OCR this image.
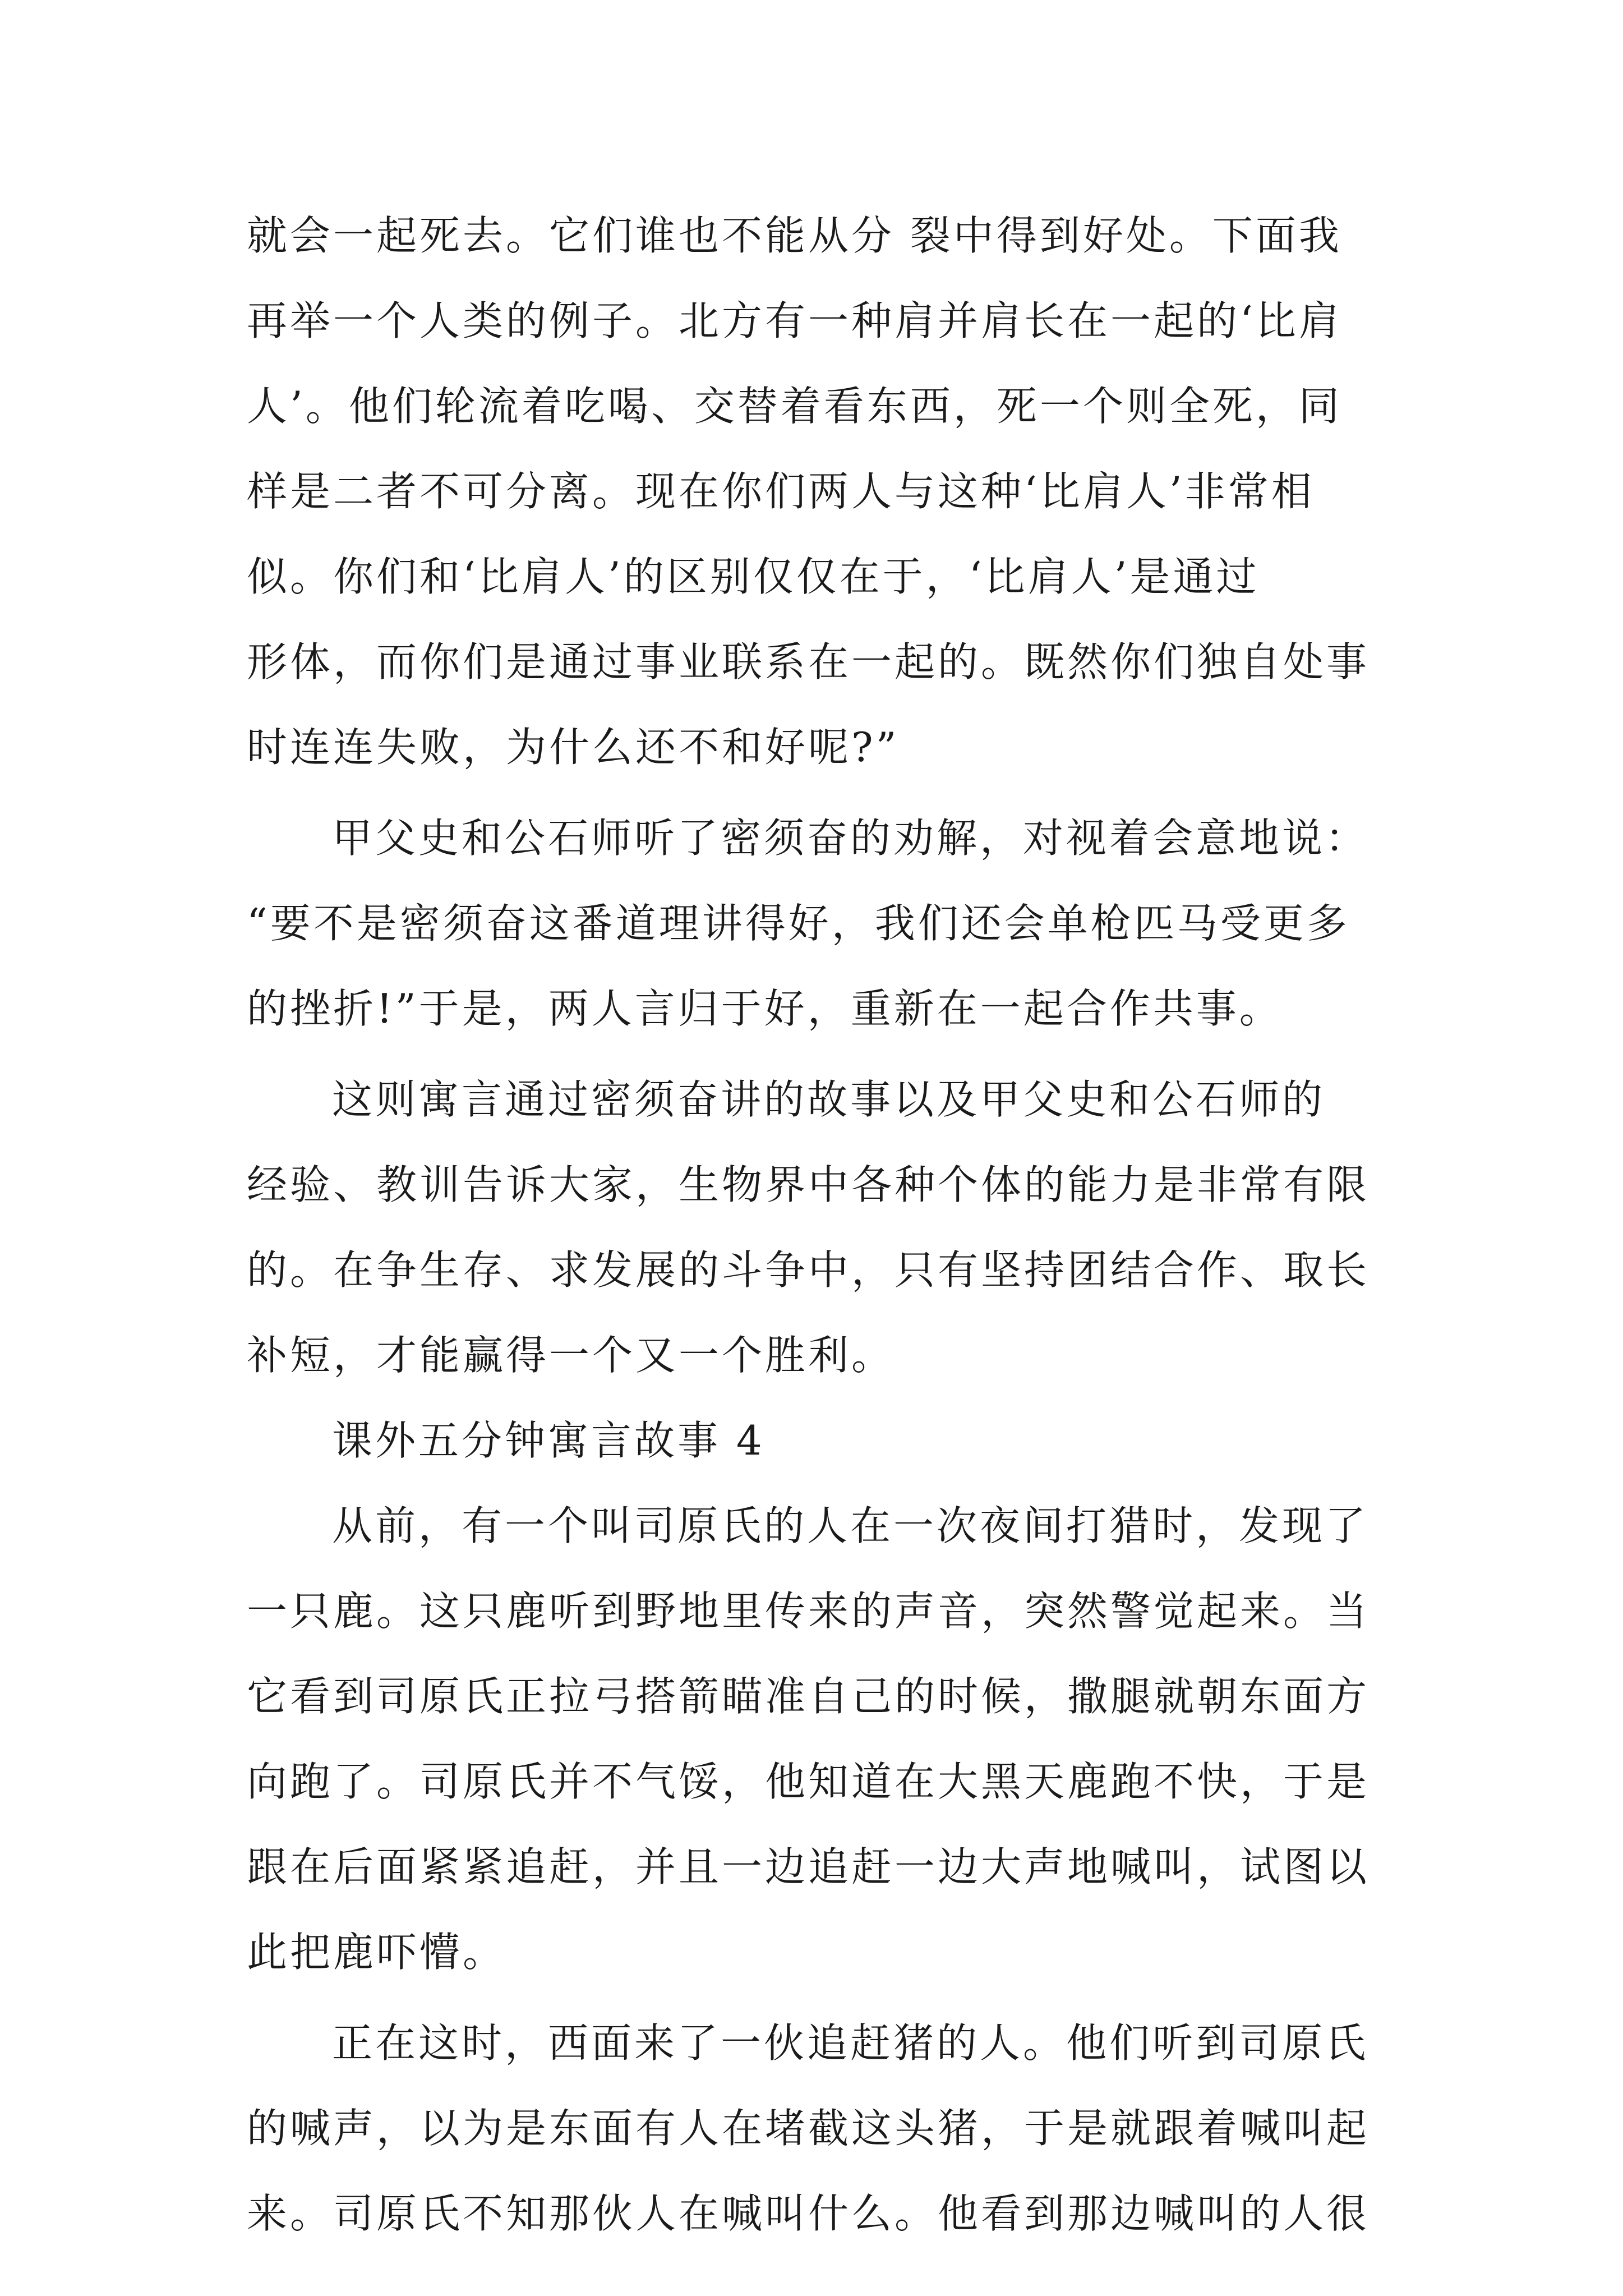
就会一起死去。它们谁也不能从分 裂中得到好处。下面我
再举一个人类的例子。北方有一种肩并肩长在一起的‘比肩
人’。他们轮流着吃喝、交替着看东西，死一个则全死，同
样是二者不可分离。现在你们两人与这种‘比肩人’非常相
似。你们和‘比肩人’的区别仅仅在于，‘比肩人’是通过
形体，而你们是通过事业联系在一起的。既然你们独自处事
时连连失败，为什么还不和好呢?”
甲父史和公石师听了密须奋的劝解，对视着会意地说：
“要不是密须奋这番道理讲得好，我们还会单枪匹马受更多
的挫折!”于是，两人言归于好，重新在一起合作共事。
这则寓言通过密须奋讲的故事以及甲父史和公石师的
经验、教训告诉大家，生物界中各种个体的能力是非常有限
的。在争生存、求发展的斗争中，只有坚持团结合作、取长
补短，才能赢得一个又一个胜利。
课外五分钟寓言故事 4
从前，有一个叫司原氏的人在一次夜间打猎时，发现了
一只鹿。这只鹿听到野地里传来的声音，突然警觉起来。当
它看到司原氏正拉弓搭箭瞄准自己的时候，撒腿就朝东面方
向跑了。司原氏并不气馁，他知道在大黑天鹿跑不快，于是
跟在后面紧紧追赶，并且一边追赶一边大声地喊叫，试图以
此把鹿吓懵。
正在这时，西面来了一伙追赶猪的人。他们听到司原氏
的喊声，以为是东面有人在堵截这头猪，于是就跟着喊叫起
来。司原氏不知那伙人在喊叫什么。他看到那边喊叫的人很
